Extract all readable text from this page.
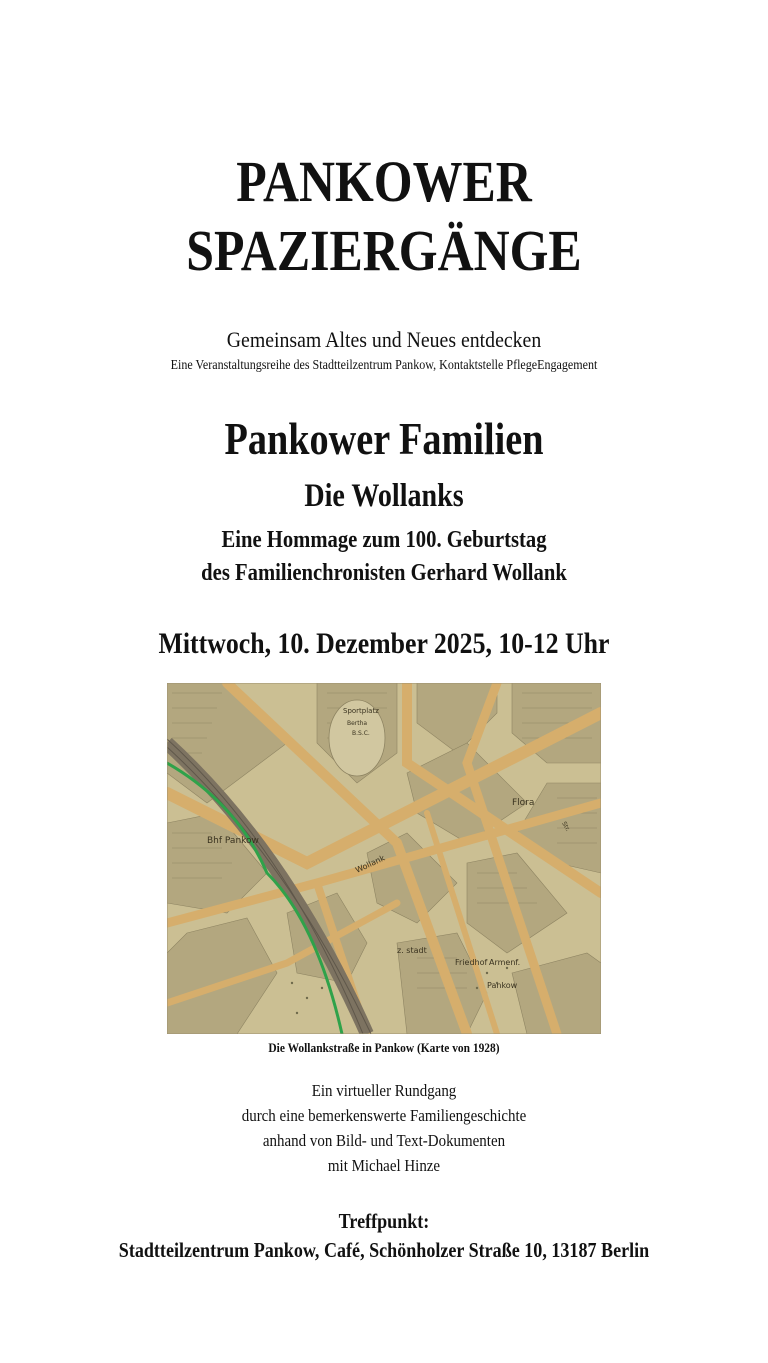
PANKOWER
SPAZIERGÄNGE
Gemeinsam Altes und Neues entdecken
Eine Veranstaltungsreihe des Stadtteilzentrum Pankow, Kontaktstelle PflegeEngagement
Pankower Familien
Die Wollanks
Eine Hommage zum 100. Geburtstag
des Familienchronisten Gerhard Wollank
Mittwoch, 10. Dezember 2025, 10-12 Uhr
Sportplatz
Bertha
B.S.C.
Bhf Pankow
Flora
Wollank
z. stadt
Friedhof Armenf.
Pankow
Str.
Die Wollankstraße in Pankow (Karte von 1928)
Ein virtueller Rundgang
durch eine bemerkenswerte Familiengeschichte
anhand von Bild- und Text-Dokumenten
mit Michael Hinze
Treffpunkt:
Stadtteilzentrum Pankow, Café, Schönholzer Straße 10, 13187 Berlin
